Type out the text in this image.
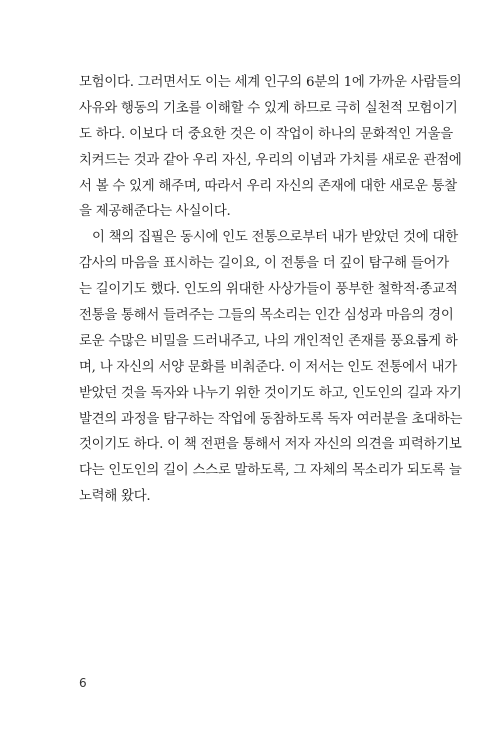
모험이다. 그러면서도 이는 세계 인구의 6분의 1에 가까운 사람들의
사유와 행동의 기초를 이해할 수 있게 하므로 극히 실천적 모험이기
도 하다. 이보다 더 중요한 것은 이 작업이 하나의 문화적인 거울을
치켜드는 것과 같아 우리 자신, 우리의 이념과 가치를 새로운 관점에
서 볼 수 있게 해주며, 따라서 우리 자신의 존재에 대한 새로운 통찰
을 제공해준다는 사실이다.
이 책의 집필은 동시에 인도 전통으로부터 내가 받았던 것에 대한
감사의 마음을 표시하는 길이요, 이 전통을 더 깊이 탐구해 들어가
는 길이기도 했다. 인도의 위대한 사상가들이 풍부한 철학적·종교적
전통을 통해서 들려주는 그들의 목소리는 인간 심성과 마음의 경이
로운 수많은 비밀을 드러내주고, 나의 개인적인 존재를 풍요롭게 하
며, 나 자신의 서양 문화를 비춰준다. 이 저서는 인도 전통에서 내가
받았던 것을 독자와 나누기 위한 것이기도 하고, 인도인의 길과 자기
발견의 과정을 탐구하는 작업에 동참하도록 독자 여러분을 초대하는
것이기도 하다. 이 책 전편을 통해서 저자 자신의 의견을 피력하기보
다는 인도인의 길이 스스로 말하도록, 그 자체의 목소리가 되도록 늘
노력해 왔다.
6
